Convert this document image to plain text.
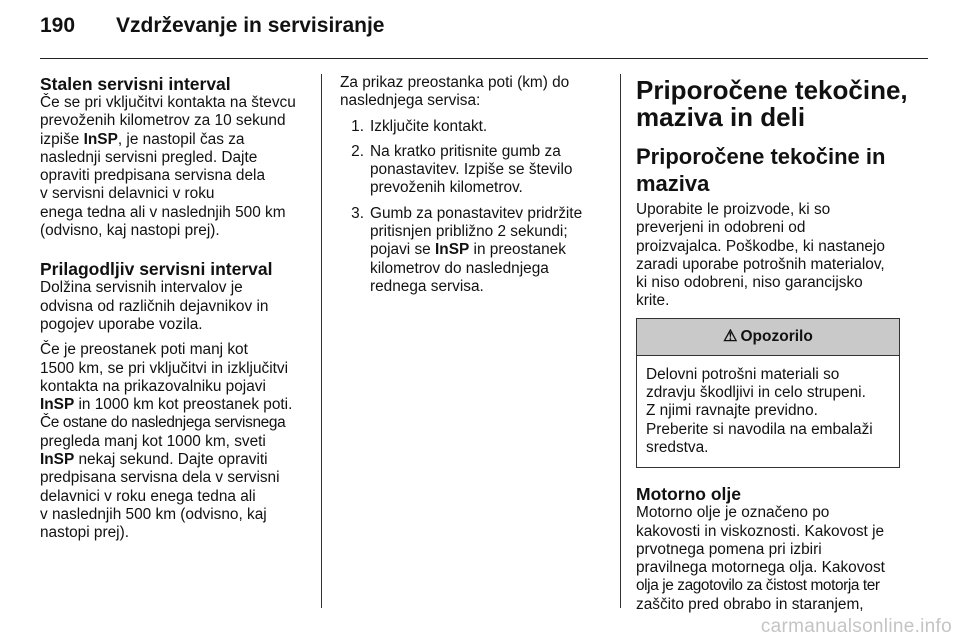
190	Vzdrževanje in servisiranje
Stalen servisni interval

Če se pri vključitvi kontakta na števcu
prevoženih kilometrov za 10 sekund
izpiše InSP, je nastopil čas za
naslednji servisni pregled. Dajte
opraviti predpisana servisna dela
v servisni delavnici v roku
enega tedna ali v naslednjih 500 km
(odvisno, kaj nastopi prej).

Prilagodljiv servisni interval

Dolžina servisnih intervalov je
odvisna od različnih dejavnikov in
pogojev uporabe vozila.

Če je preostanek poti manj kot
1500 km, se pri vključitvi in izključitvi
kontakta na prikazovalniku pojavi
InSP in 1000 km kot preostanek poti.
Če ostane do naslednjega servisnega
pregleda manj kot 1000 km, sveti
InSP nekaj sekund. Dajte opraviti
predpisana servisna dela v servisni
delavnici v roku enega tedna ali
v naslednjih 500 km (odvisno, kaj
nastopi prej).

Za prikaz preostanka poti (km) do
naslednjega servisa:

1. Izključite kontakt.
2. Na kratko pritisnite gumb za
ponastavitev. Izpiše se število
prevoženih kilometrov.
3. Gumb za ponastavitev pridržite
pritisnjen približno 2 sekundi;
pojavi se InSP in preostanek
kilometrov do naslednjega
rednega servisa.
Priporočene tekočine,
maziva in deli
Priporočene tekočine in
maziva

Uporabite le proizvode, ki so
preverjeni in odobreni od
proizvajalca. Poškodbe, ki nastanejo
zaradi uporabe potrošnih materialov,
ki niso odobreni, niso garancijsko
krite.

⚠ Opozorilo
Delovni potrošni materiali so
zdravju škodljivi in celo strupeni.
Z njimi ravnajte previdno.
Preberite si navodila na embalaži
sredstva.
Motorno olje

Motorno olje je označeno po
kakovosti in viskoznosti. Kakovost je
prvotnega pomena pri izbiri
pravilnega motornega olja. Kakovost
olja je zagotovilo za čistost motorja ter
zaščito pred obrabo in staranjem,

carmanualsonline.info
